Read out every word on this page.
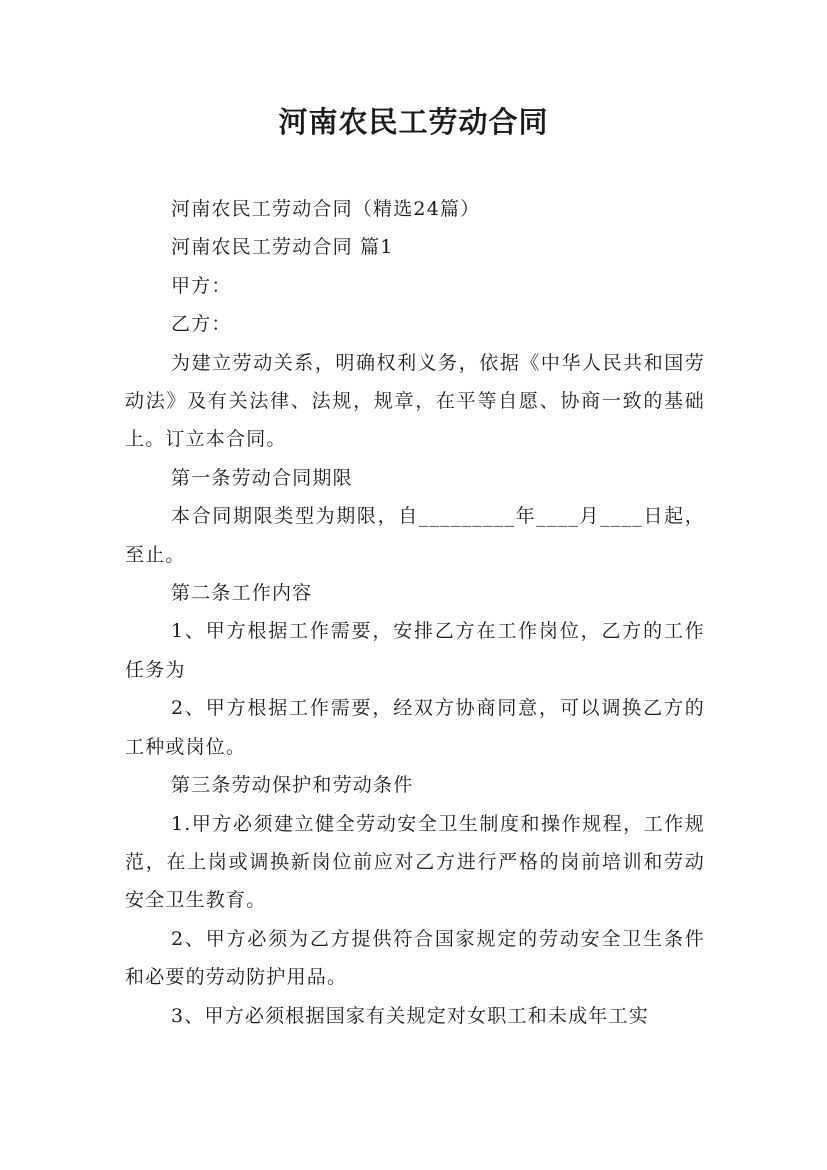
河南农民工劳动合同

河南农民工劳动合同（精选24篇）

河南农民工劳动合同 篇1

甲方：

乙方：

为建立劳动关系，明确权利义务，依据《中华人民共和国劳动法》及有关法律、法规，规章，在平等自愿、协商一致的基础上。订立本合同。

第一条劳动合同期限

本合同期限类型为期限，自_________年____月____日起，至止。

第二条工作内容

1、甲方根据工作需要，安排乙方在工作岗位，乙方的工作任务为

2、甲方根据工作需要，经双方协商同意，可以调换乙方的工种或岗位。

第三条劳动保护和劳动条件

1.甲方必须建立健全劳动安全卫生制度和操作规程，工作规范，在上岗或调换新岗位前应对乙方进行严格的岗前培训和劳动安全卫生教育。

2、甲方必须为乙方提供符合国家规定的劳动安全卫生条件和必要的劳动防护用品。

3、甲方必须根据国家有关规定对女职工和未成年工实
